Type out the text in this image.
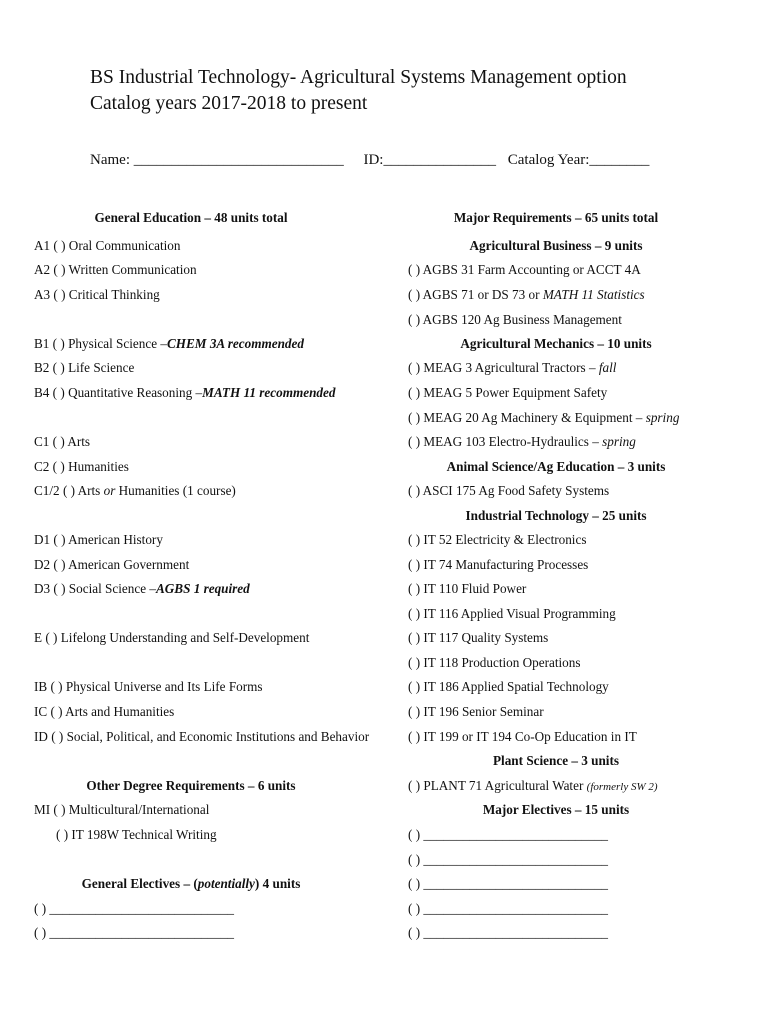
BS Industrial Technology- Agricultural Systems Management option
Catalog years 2017-2018 to present
Name: ____________________________ ID:_______________ Catalog Year:________
General Education – 48 units total
A1 ( ) Oral Communication
A2 ( ) Written Communication
A3 ( ) Critical Thinking
B1 ( ) Physical Science –CHEM 3A recommended
B2 ( ) Life Science
B4 ( ) Quantitative Reasoning –MATH 11 recommended
C1 ( ) Arts
C2 ( ) Humanities
C1/2 ( ) Arts or Humanities (1 course)
D1 ( ) American History
D2 ( ) American Government
D3 ( ) Social Science –AGBS 1 required
E ( ) Lifelong Understanding and Self-Development
IB ( ) Physical Universe and Its Life Forms
IC ( ) Arts and Humanities
ID ( ) Social, Political, and Economic Institutions and Behavior
Other Degree Requirements – 6 units
MI ( ) Multicultural/International
( ) IT 198W Technical Writing
General Electives – (potentially) 4 units
( ) ____________________________
( ) ____________________________
Major Requirements – 65 units total
Agricultural Business – 9 units
( ) AGBS 31 Farm Accounting or ACCT 4A
( ) AGBS 71 or DS 73 or MATH 11 Statistics
( ) AGBS 120 Ag Business Management
Agricultural Mechanics – 10 units
( ) MEAG 3 Agricultural Tractors – fall
( ) MEAG 5 Power Equipment Safety
( ) MEAG 20 Ag Machinery & Equipment – spring
( ) MEAG 103 Electro-Hydraulics – spring
Animal Science/Ag Education – 3 units
( ) ASCI 175 Ag Food Safety Systems
Industrial Technology – 25 units
( ) IT 52 Electricity & Electronics
( ) IT 74 Manufacturing Processes
( ) IT 110 Fluid Power
( ) IT 116 Applied Visual Programming
( ) IT 117 Quality Systems
( ) IT 118 Production Operations
( ) IT 186 Applied Spatial Technology
( ) IT 196 Senior Seminar
( ) IT 199 or IT 194 Co-Op Education in IT
Plant Science – 3 units
( ) PLANT 71 Agricultural Water (formerly SW 2)
Major Electives – 15 units
( ) ____________________________
( ) ____________________________
( ) ____________________________
( ) ____________________________
( ) ____________________________
